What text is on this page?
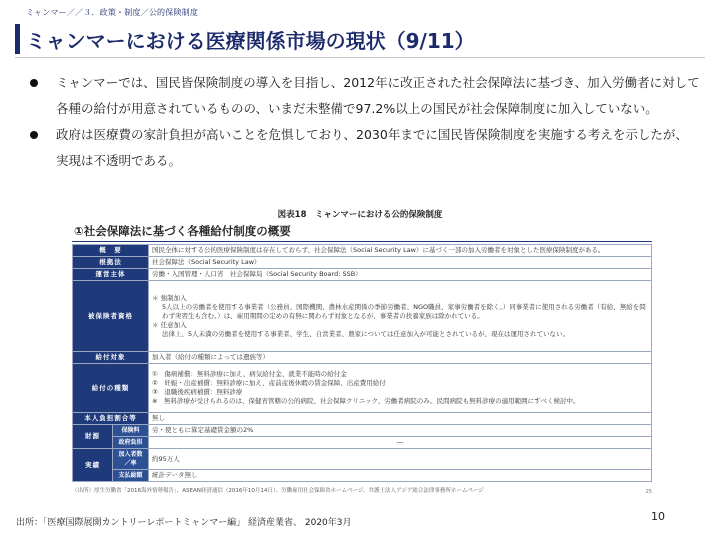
ミャンマー／／３．政策・制度／公的保険制度
ミャンマーにおける医療関係市場の現状（9/11）
ミャンマーでは、国民皆保険制度の導入を目指し、2012年に改正された社会保障法に基づき、加入労働者に対して各種の給付が用意されているものの、いまだ未整備で97.2%以上の国民が社会保障制度に加入していない。
政府は医療費の家計負担が高いことを危惧しており、2030年までに国民皆保険制度を実施する考えを示したが、実現は不透明である。
図表18　ミャンマーにおける公的保険制度
①社会保障法に基づく各種給付制度の概要
概　要		国民全体に対する公的医療保険制度は存在しておらず、社会保障法（Social Security Law）に基づく一部の加入労働者を対象とした医療保険制度がある。
根拠法		社会保障法（Social Security Law）
運営主体		労働・入国管理・人口省　社会保障局（Social Security Board: SSB）
被保険者資格		＊ 強制加入
5人以上の労働者を使用する事業者（公務員、国際機関、農林水産関係の季節労働者、NGO職員、家事労働者を除く。）同事業者に使用される労働者（有給、無給を問わず実習生も含む。）は、雇用期間の定めの有無に関わらず対象となるが、事業者の扶養家族は除かれている。
＊ 任意加入
法律上、5人未満の労働者を使用する事業者、学生、自営業者、農家については任意加入が可能とされているが、現在は運用されていない。

給付対象		加入者（給付の種類によっては遺族等）
給付の種類		①　傷病補償：無料診療に加え、病気給付金、就業不能時の給付金
②　妊娠・出産補償：無料診療に加え、産前産後休暇の賃金保障、出産費用給付
③　退職後疾病補償：無料診療
※　無料診療が受けられるのは、保健省管轄の公的病院、社会保障クリニック、労働者病院のみ。民間病院も無料診療の適用範囲にすべく検討中。

本人負担割合等		無し
財源	保険料	労・使ともに算定基礎賃金額の2%
	政府負担	―
実績	加入者数／率	約95万人
	支払総額	統計データ無し
（出所）厚生労働省「2016海外情勢報告」、ASEAN経済通信（2016年10月14日）、労働雇用社会保障省ホームページ、弁護士法人アジア総合法律事務所ホームページ	25
出所：「医療国際展開カントリーレポートミャンマー編」 経済産業省、 2020年3月	10
